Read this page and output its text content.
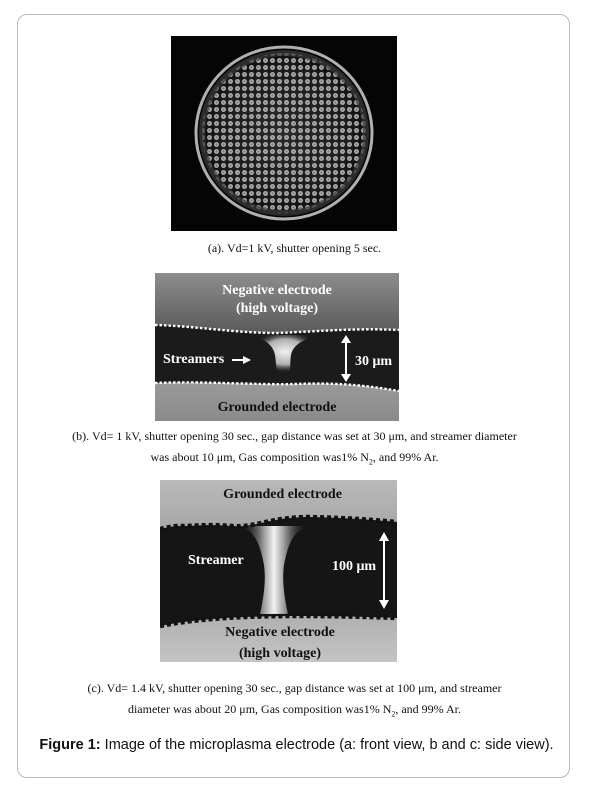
(a). Vd=1 kV, shutter opening 5 sec.
Negative electrode
(high voltage)
Streamers	30 μm
Grounded electrode
(b). Vd= 1 kV, shutter opening 30 sec., gap distance was set at 30 μm, and streamer diameter
was about 10 μm, Gas composition was1% $N_2$, and 99% Ar.
Grounded electrode
Streamer	100 μm
Negative electrode
(high voltage)
(c). Vd= 1.4 kV, shutter opening 30 sec., gap distance was set at 100 μm, and streamer
diameter was about 20 μm, Gas composition was1% $N_2$, and 99% Ar.
Figure 1: Image of the microplasma electrode (a: front view, b and c: side view).
